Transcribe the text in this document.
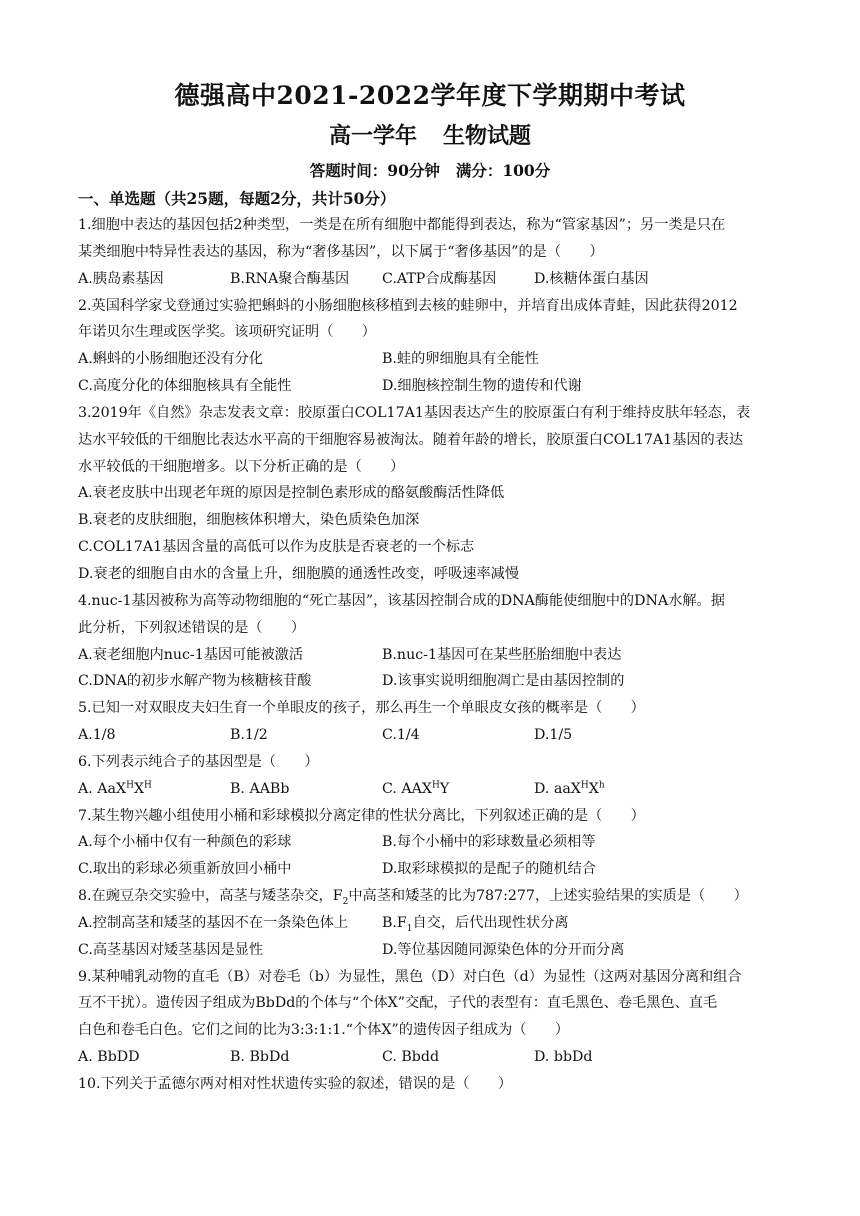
德强高中2021-2022学年度下学期期中考试
高一学年 生物试题
答题时间：90分钟 满分：100分
一、单选题（共25题，每题2分，共计50分）
1.细胞中表达的基因包括2种类型，一类是在所有细胞中都能得到表达，称为“管家基因”；另一类是只在
某类细胞中特异性表达的基因，称为“奢侈基因”，以下属于“奢侈基因”的是（　　）
A.胰岛素基因	B.RNA聚合酶基因	C.ATP合成酶基因	D.核糖体蛋白基因
2.英国科学家戈登通过实验把蝌蚪的小肠细胞核移植到去核的蛙卵中，并培育出成体青蛙，因此获得2012
年诺贝尔生理或医学奖。该项研究证明（　　）
A.蝌蚪的小肠细胞还没有分化	B.蛙的卵细胞具有全能性
C.高度分化的体细胞核具有全能性	D.细胞核控制生物的遗传和代谢
3.2019年《自然》杂志发表文章：胶原蛋白COL17A1基因表达产生的胶原蛋白有利于维持皮肤年轻态，表
达水平较低的干细胞比表达水平高的干细胞容易被淘汰。随着年龄的增长，胶原蛋白COL17A1基因的表达
水平较低的干细胞增多。以下分析正确的是（　　）
A.衰老皮肤中出现老年斑的原因是控制色素形成的酪氨酸酶活性降低
B.衰老的皮肤细胞，细胞核体积增大，染色质染色加深
C.COL17A1基因含量的高低可以作为皮肤是否衰老的一个标志
D.衰老的细胞自由水的含量上升，细胞膜的通透性改变，呼吸速率减慢
4.nuc-1基因被称为高等动物细胞的“死亡基因”，该基因控制合成的DNA酶能使细胞中的DNA水解。据
此分析，下列叙述错误的是（　　）
A.衰老细胞内nuc-1基因可能被激活	B.nuc-1基因可在某些胚胎细胞中表达
C.DNA的初步水解产物为核糖核苷酸	D.该事实说明细胞凋亡是由基因控制的
5.已知一对双眼皮夫妇生育一个单眼皮的孩子，那么再生一个单眼皮女孩的概率是（　　）
A.1/8	B.1/2	C.1/4	D.1/5
6.下列表示纯合子的基因型是（　　）
A. $AaX^HX^H$	B. AABb	C. $AAX^HY$	D. $aaX^HX^h$
7.某生物兴趣小组使用小桶和彩球模拟分离定律的性状分离比，下列叙述正确的是（　　）
A.每个小桶中仅有一种颜色的彩球	B.每个小桶中的彩球数量必须相等
C.取出的彩球必须重新放回小桶中	D.取彩球模拟的是配子的随机结合
8.在豌豆杂交实验中，高茎与矮茎杂交，$F_2$中高茎和矮茎的比为787:277，上述实验结果的实质是（　　）
A.控制高茎和矮茎的基因不在一条染色体上	$B.F_1$自交，后代出现性状分离
C.高茎基因对矮茎基因是显性	D.等位基因随同源染色体的分开而分离
9.某种哺乳动物的直毛（B）对卷毛（b）为显性，黑色（D）对白色（d）为显性（这两对基因分离和组合
互不干扰）。遗传因子组成为BbDd的个体与“个体X”交配，子代的表型有：直毛黑色、卷毛黑色、直毛
白色和卷毛白色。它们之间的比为3:3:1:1.“个体X”的遗传因子组成为（　　）
A. BbDD	B. BbDd	C. Bbdd	D. bbDd
10.下列关于孟德尔两对相对性状遗传实验的叙述，错误的是（　　）
